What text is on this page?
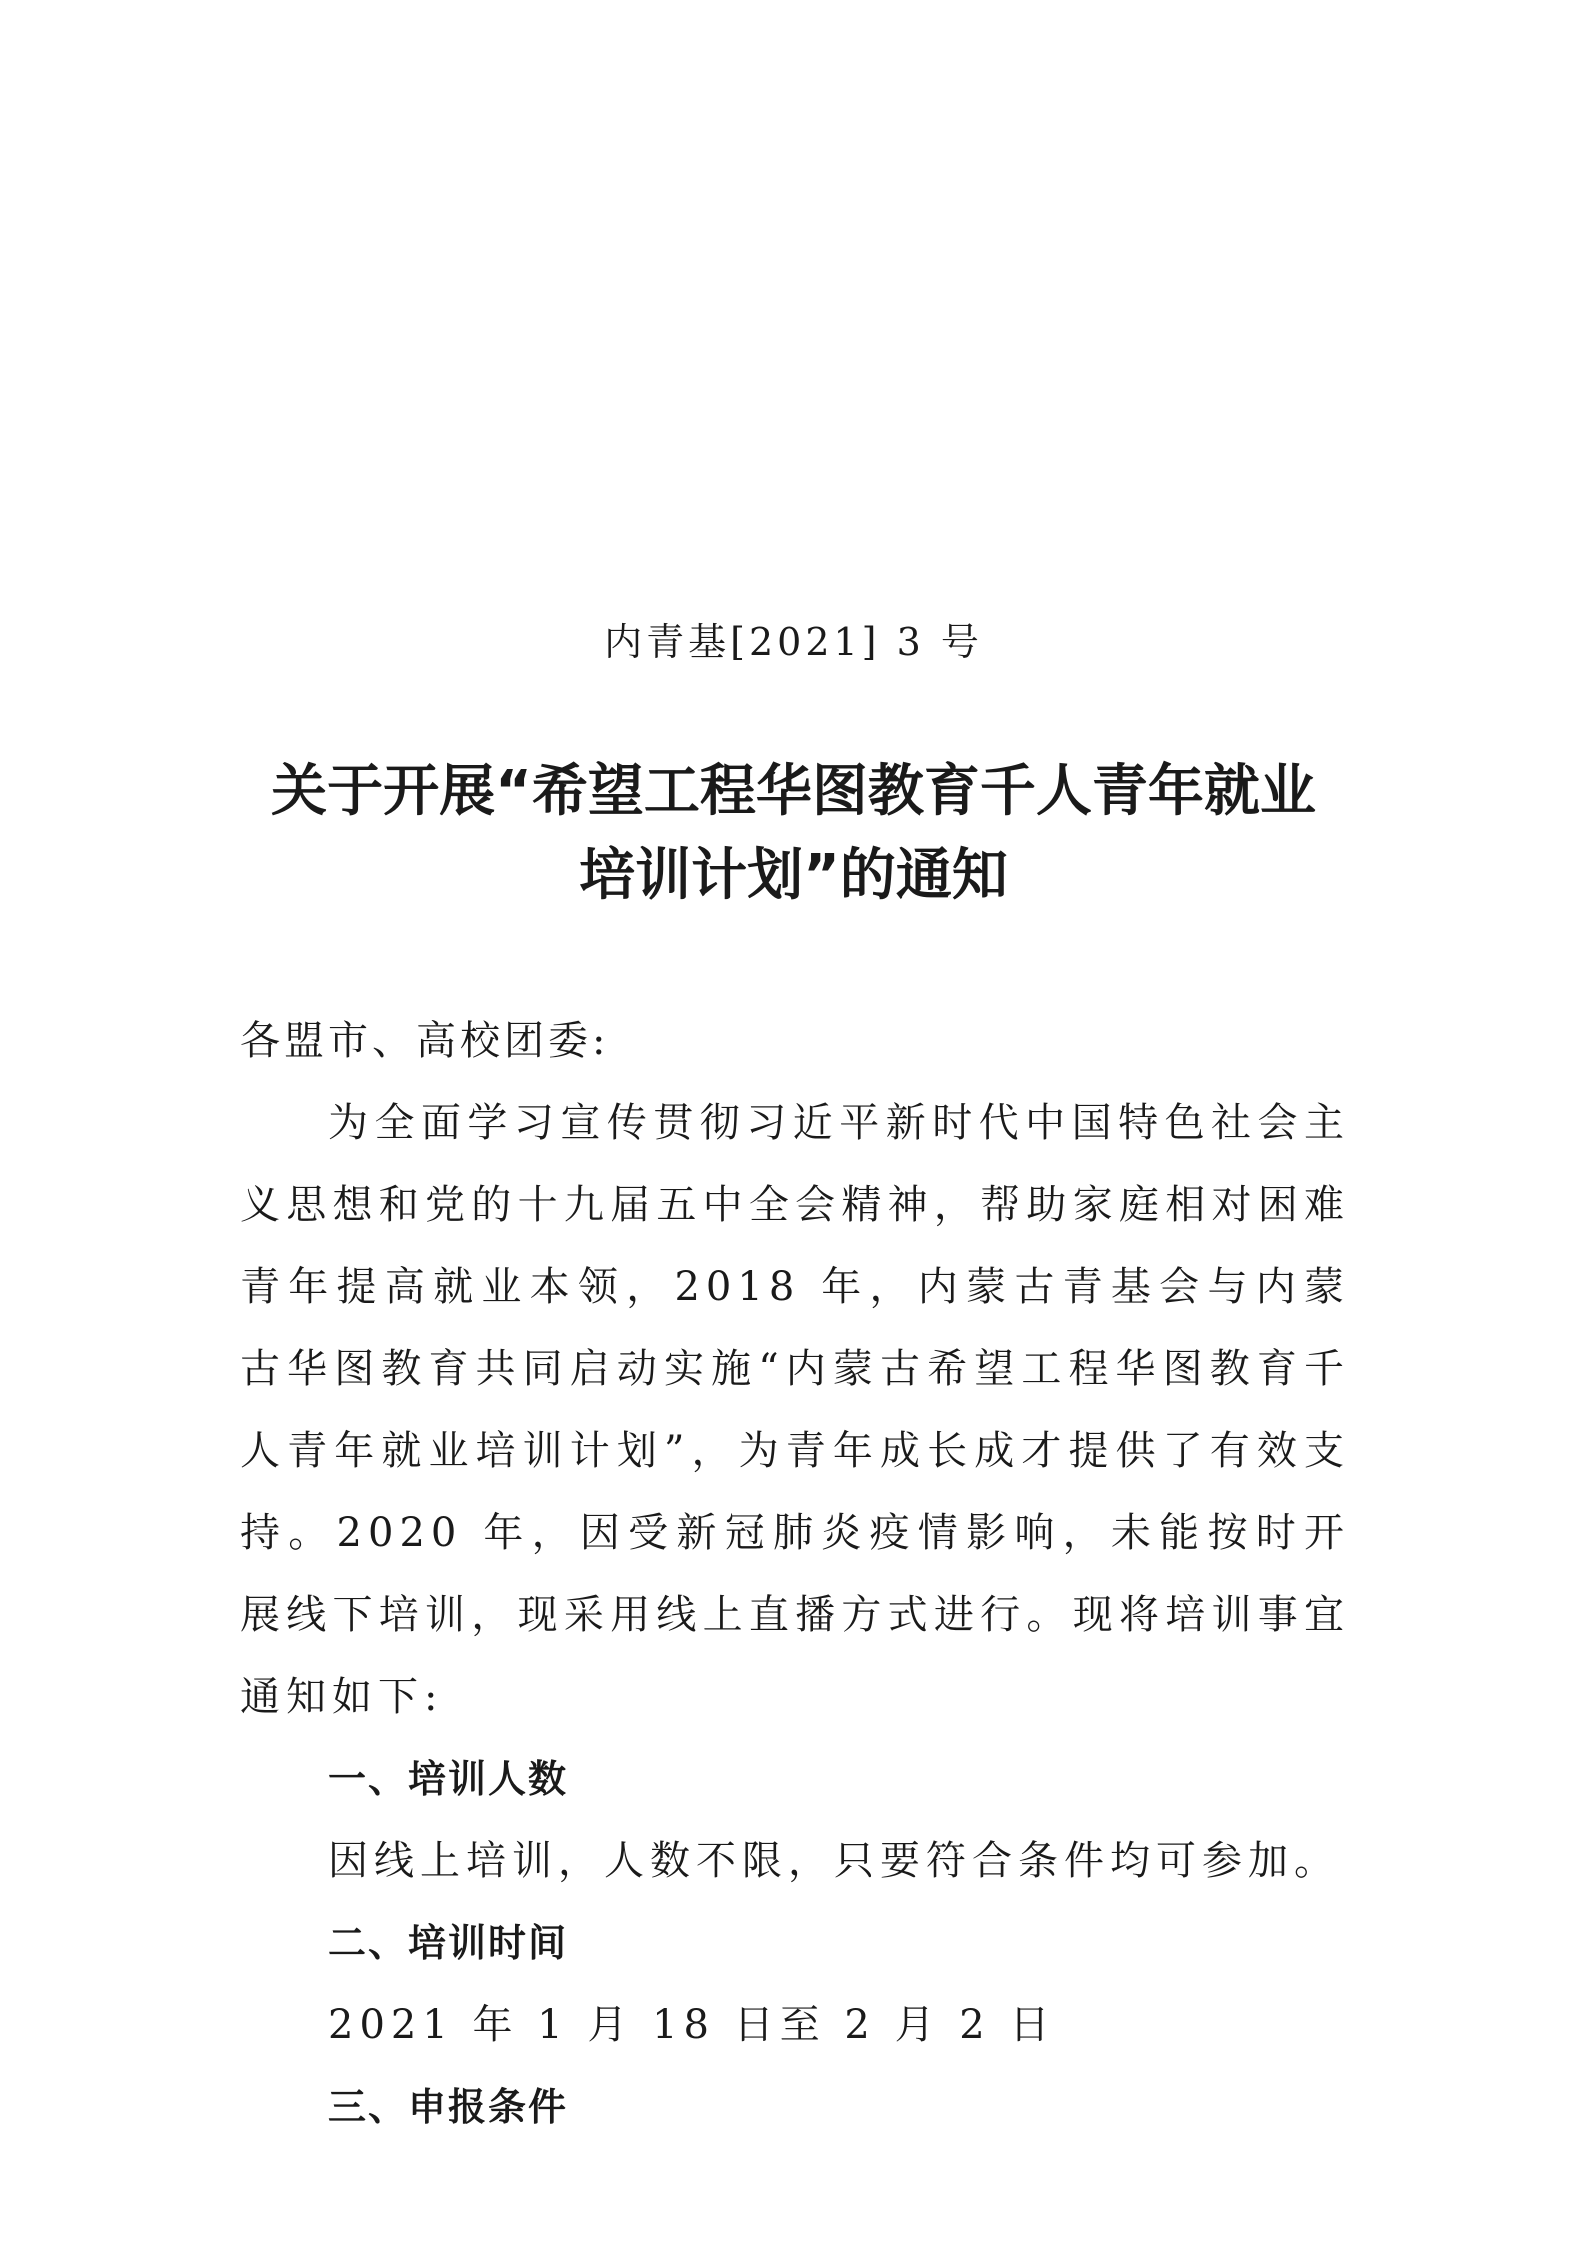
内青基[2021] 3 号
关于开展“希望工程华图教育千人青年就业
培训计划”的通知

各盟市、高校团委:

为全面学习宣传贯彻习近平新时代中国特色社会主义思想和党的十九届五中全会精神，帮助家庭相对困难青年提高就业本领，2018 年，内蒙古青基会与内蒙古华图教育共同启动实施“内蒙古希望工程华图教育千人青年就业培训计划”，为青年成长成才提供了有效支持。2020 年，因受新冠肺炎疫情影响，未能按时开展线下培训，现采用线上直播方式进行。现将培训事宜通知如下:

一、培训人数

因线上培训，人数不限，只要符合条件均可参加。

二、培训时间

2021 年 1 月 18 日至 2 月 2 日

三、申报条件
